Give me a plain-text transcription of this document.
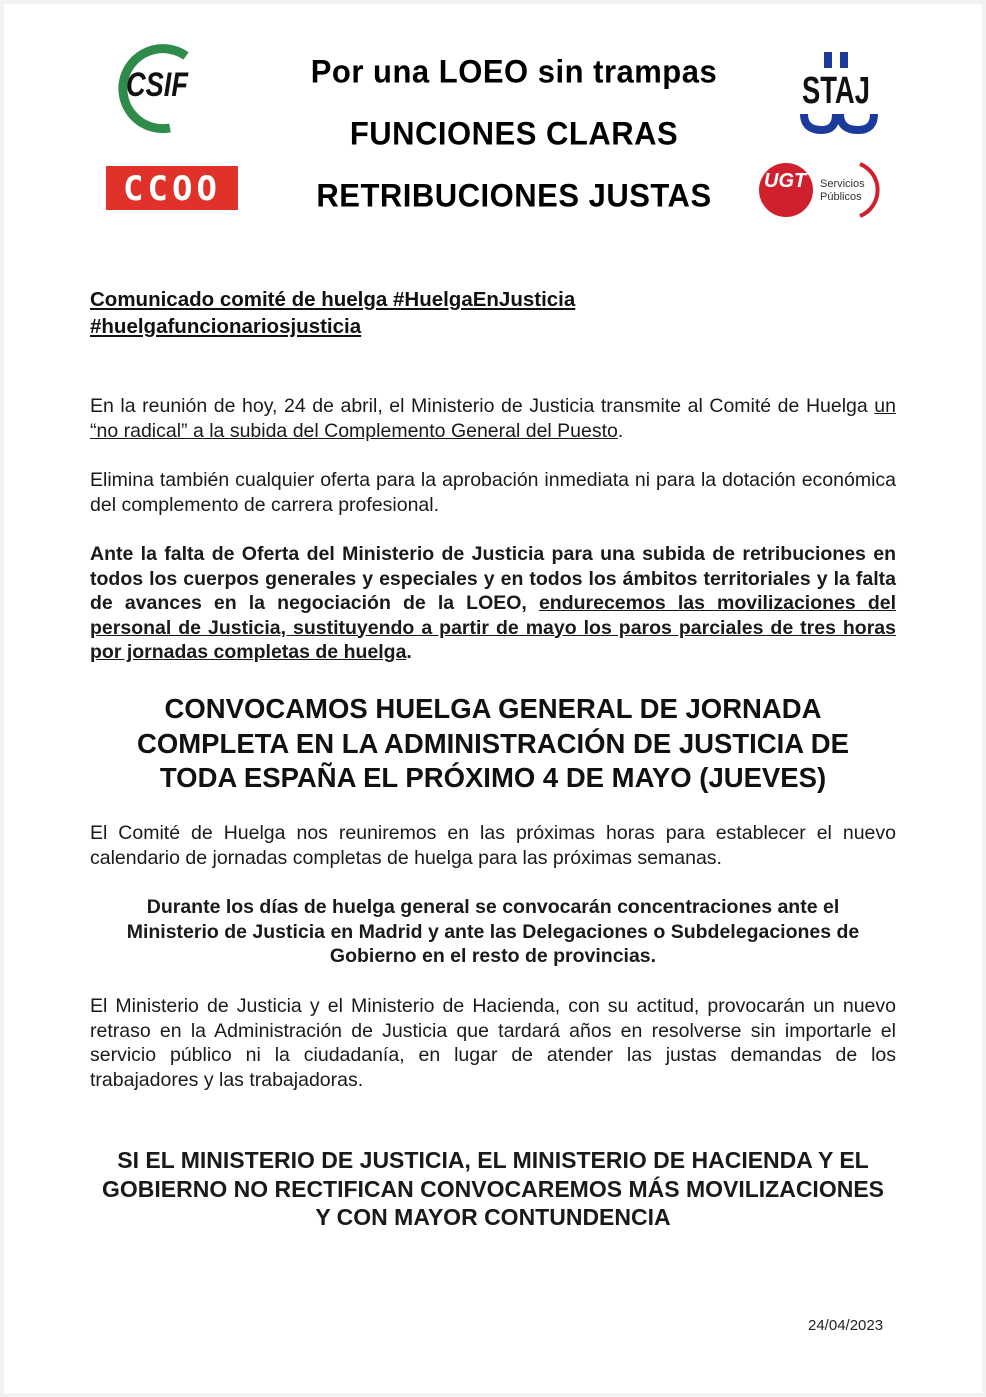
CSIF
CCOO
Por una LOEO sin trampas
FUNCIONES CLARAS
RETRIBUCIONES JUSTAS
STAJ
UGT Servicios
Públicos
Comunicado comité de huelga #HuelgaEnJusticia
#huelgafuncionariosjusticia
En la reunión de hoy, 24 de abril, el Ministerio de Justicia transmite al Comité de Huelga un “no radical” a la subida del Complemento General del Puesto.
Elimina también cualquier oferta para la aprobación inmediata ni para la dotación económica del complemento de carrera profesional.
Ante la falta de Oferta del Ministerio de Justicia para una subida de retribuciones en todos los cuerpos generales y especiales y en todos los ámbitos territoriales y la falta de avances en la negociación de la LOEO, endurecemos las movilizaciones del personal de Justicia, sustituyendo a partir de mayo los paros parciales de tres horas por jornadas completas de huelga.
CONVOCAMOS HUELGA GENERAL DE JORNADA COMPLETA EN LA ADMINISTRACIÓN DE JUSTICIA DE TODA ESPAÑA EL PRÓXIMO 4 DE MAYO (JUEVES)
El Comité de Huelga nos reuniremos en las próximas horas para establecer el nuevo calendario de jornadas completas de huelga para las próximas semanas.
Durante los días de huelga general se convocarán concentraciones ante el Ministerio de Justicia en Madrid y ante las Delegaciones o Subdelegaciones de Gobierno en el resto de provincias.
El Ministerio de Justicia y el Ministerio de Hacienda, con su actitud, provocarán un nuevo retraso en la Administración de Justicia que tardará años en resolverse sin importarle el servicio público ni la ciudadanía, en lugar de atender las justas demandas de los trabajadores y las trabajadoras.
SI EL MINISTERIO DE JUSTICIA, EL MINISTERIO DE HACIENDA Y EL GOBIERNO NO RECTIFICAN CONVOCAREMOS MÁS MOVILIZACIONES Y CON MAYOR CONTUNDENCIA
24/04/2023
